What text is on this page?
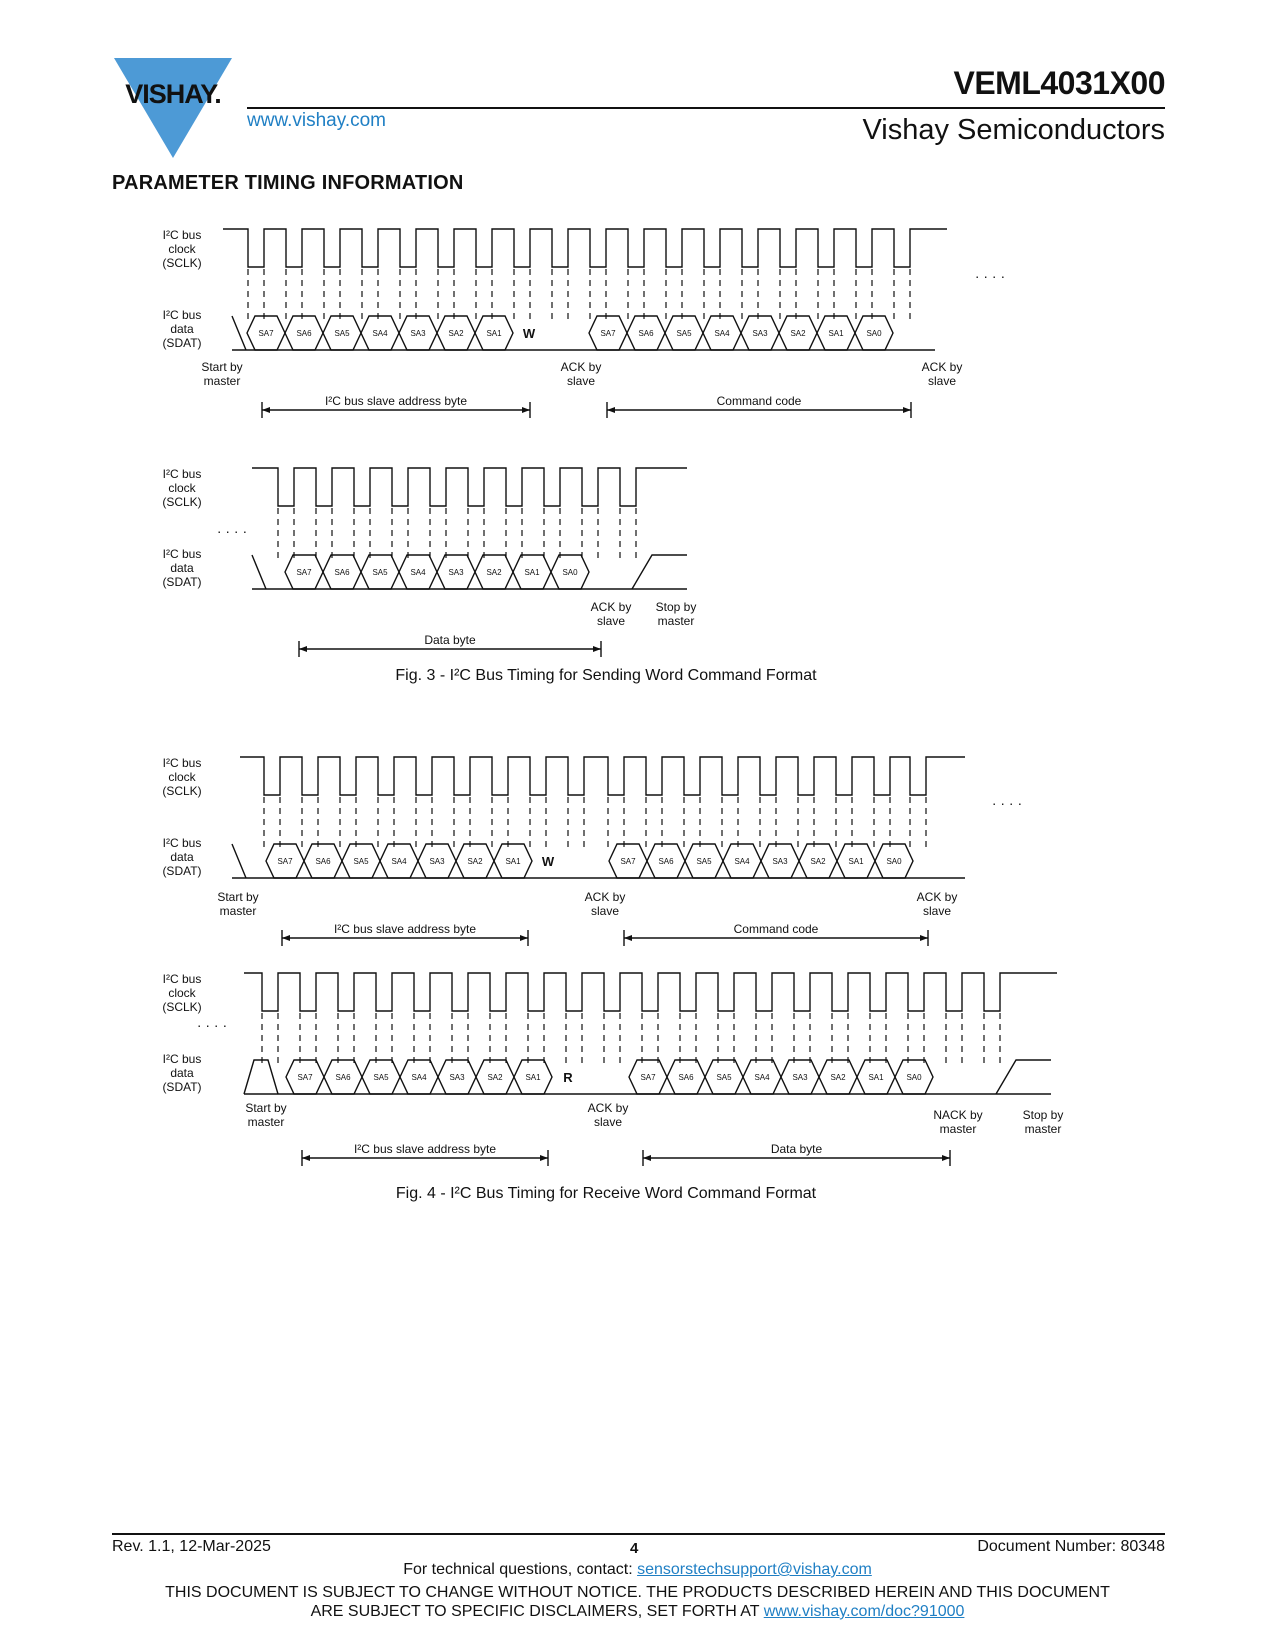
VISHAY.
www.vishay.com
VEML4031X00
Vishay Semiconductors
PARAMETER TIMING INFORMATION
I²C bus
clock
(SCLK)
I²C bus
data
(SDAT)
SA7	SA6	SA5	SA4	SA3	SA2	SA1 W	SA7	SA6	SA5	SA4	SA3	SA2	SA1	SA0
Start by
master
ACK by
slave
ACK by
slave
I²C bus slave address byte	Command code
· · · ·
I²C bus
clock
(SCLK)
I²C bus
data
(SDAT)
SA7	SA6	SA5	SA4	SA3	SA2	SA1	SA0
ACK by
slave
Stop by
master
Data byte
· · · ·
Fig. 3 - I²C Bus Timing for Sending Word Command Format
I²C bus
clock
(SCLK)
I²C bus
data
(SDAT)
SA7	SA6	SA5	SA4	SA3	SA2	SA1 W	SA7	SA6	SA5	SA4	SA3	SA2	SA1	SA0
Start by
master
ACK by
slave
ACK by
slave
I²C bus slave address byte	Command code
· · · ·
I²C bus
clock
(SCLK)
I²C bus
data
(SDAT)
SA7	SA6	SA5	SA4	SA3	SA2	SA1 R	SA7	SA6	SA5	SA4	SA3	SA2	SA1	SA0
Start by
master
ACK by
slave	NACK by
master
Stop by
master
I²C bus slave address byte	Data byte
· · · ·
Fig. 4 - I²C Bus Timing for Receive Word Command Format
Rev. 1.1, 12-Mar-2025	4	Document Number: 80348
For technical questions, contact: sensorstechsupport@vishay.com
THIS DOCUMENT IS SUBJECT TO CHANGE WITHOUT NOTICE. THE PRODUCTS DESCRIBED HEREIN AND THIS DOCUMENT
ARE SUBJECT TO SPECIFIC DISCLAIMERS, SET FORTH AT www.vishay.com/doc?91000
